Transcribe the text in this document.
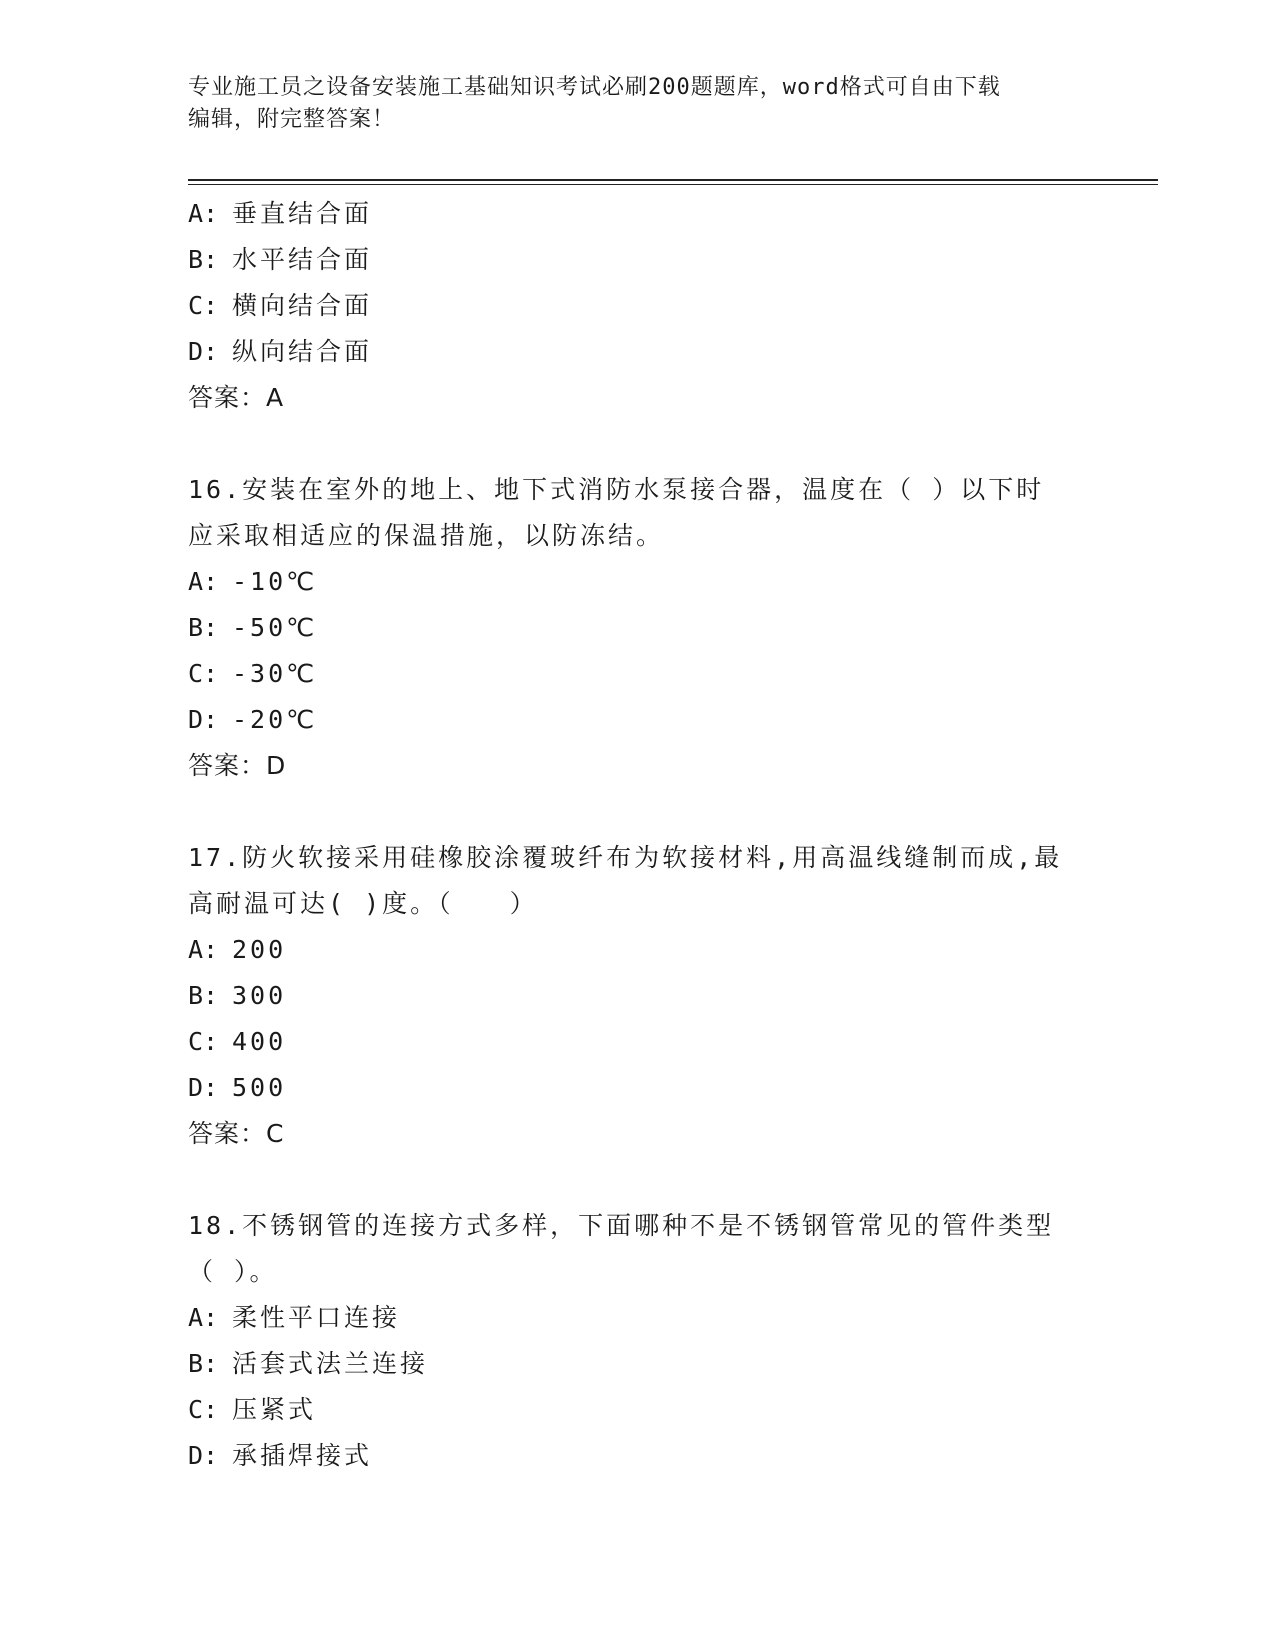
专业施工员之设备安装施工基础知识考试必刷200题题库，word格式可自由下载
编辑，附完整答案！
A: 垂直结合面
B: 水平结合面
C: 横向结合面
D: 纵向结合面
答案：A
16.安装在室外的地上、地下式消防水泵接合器，温度在（ ）以下时
应采取相适应的保温措施，以防冻结。
A: -10℃
B: -50℃
C: -30℃
D: -20℃
答案：D
17.防火软接采用硅橡胶涂覆玻纤布为软接材料,用高温线缝制而成,最
高耐温可达( )度。（　　）
A: 200
B: 300
C: 400
D: 500
答案：C
18.不锈钢管的连接方式多样，下面哪种不是不锈钢管常见的管件类型
（ ）。
A: 柔性平口连接
B: 活套式法兰连接
C: 压紧式
D: 承插焊接式
